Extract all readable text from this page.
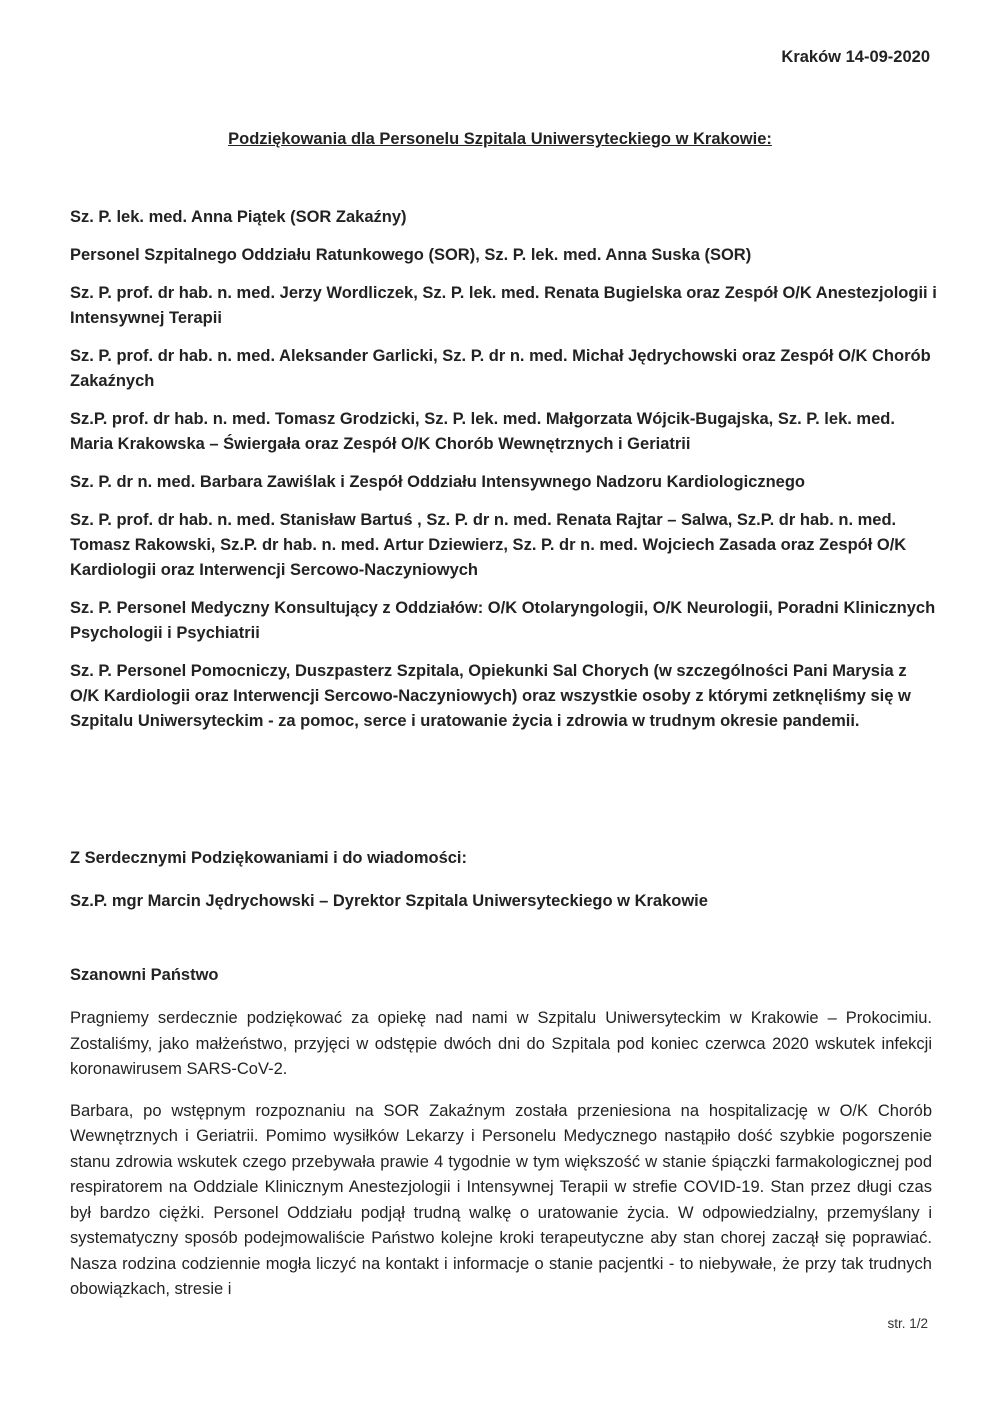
Kraków 14-09-2020
Podziękowania dla Personelu Szpitala Uniwersyteckiego w Krakowie:

Sz. P. lek. med. Anna Piątek (SOR Zakaźny)

Personel Szpitalnego Oddziału Ratunkowego (SOR), Sz. P. lek. med. Anna Suska (SOR)

Sz. P. prof. dr hab. n. med. Jerzy Wordliczek, Sz. P. lek. med. Renata Bugielska oraz Zespół O/K Anestezjologii i Intensywnej Terapii

Sz. P. prof. dr hab. n. med. Aleksander Garlicki, Sz. P. dr n. med. Michał Jędrychowski oraz Zespół O/K Chorób Zakaźnych

Sz.P. prof. dr hab. n. med. Tomasz Grodzicki, Sz. P. lek. med. Małgorzata Wójcik-Bugajska, Sz. P. lek. med. Maria Krakowska – Świergała oraz Zespół O/K Chorób Wewnętrznych i Geriatrii

Sz. P. dr n. med. Barbara Zawiślak i Zespół Oddziału Intensywnego Nadzoru Kardiologicznego

Sz. P. prof. dr hab. n. med. Stanisław Bartuś , Sz. P. dr n. med. Renata Rajtar – Salwa, Sz.P. dr hab. n. med. Tomasz Rakowski, Sz.P. dr hab. n. med. Artur Dziewierz, Sz. P. dr n. med. Wojciech Zasada oraz Zespół O/K Kardiologii oraz Interwencji Sercowo-Naczyniowych

Sz. P. Personel Medyczny Konsultujący z Oddziałów: O/K Otolaryngologii, O/K Neurologii, Poradni Klinicznych Psychologii i Psychiatrii

Sz. P. Personel Pomocniczy, Duszpasterz Szpitala, Opiekunki Sal Chorych (w szczególności Pani Marysia z O/K Kardiologii oraz Interwencji Sercowo-Naczyniowych) oraz wszystkie osoby z którymi zetknęliśmy się w Szpitalu Uniwersyteckim - za pomoc, serce i uratowanie życia i zdrowia w trudnym okresie pandemii.

Z Serdecznymi Podziękowaniami i do wiadomości:

Sz.P. mgr Marcin Jędrychowski – Dyrektor Szpitala Uniwersyteckiego w Krakowie

Szanowni Państwo

Pragniemy serdecznie podziękować za opiekę nad nami w Szpitalu Uniwersyteckim w Krakowie – Prokocimiu. Zostaliśmy, jako małżeństwo, przyjęci w odstępie dwóch dni do Szpitala pod koniec czerwca 2020 wskutek infekcji koronawirusem SARS-CoV-2.

Barbara, po wstępnym rozpoznaniu na SOR Zakaźnym została przeniesiona na hospitalizację w O/K Chorób Wewnętrznych i Geriatrii. Pomimo wysiłków Lekarzy i Personelu Medycznego nastąpiło dość szybkie pogorszenie stanu zdrowia wskutek czego przebywała prawie 4 tygodnie w tym większość w stanie śpiączki farmakologicznej pod respiratorem na Oddziale Klinicznym Anestezjologii i Intensywnej Terapii w strefie COVID-19. Stan przez długi czas był bardzo ciężki. Personel Oddziału podjął trudną walkę o uratowanie życia. W odpowiedzialny, przemyślany i systematyczny sposób podejmowaliście Państwo kolejne kroki terapeutyczne aby stan chorej zaczął się poprawiać. Nasza rodzina codziennie mogła liczyć na kontakt i informacje o stanie pacjentki - to niebywałe, że przy tak trudnych obowiązkach, stresie i

str. 1/2
